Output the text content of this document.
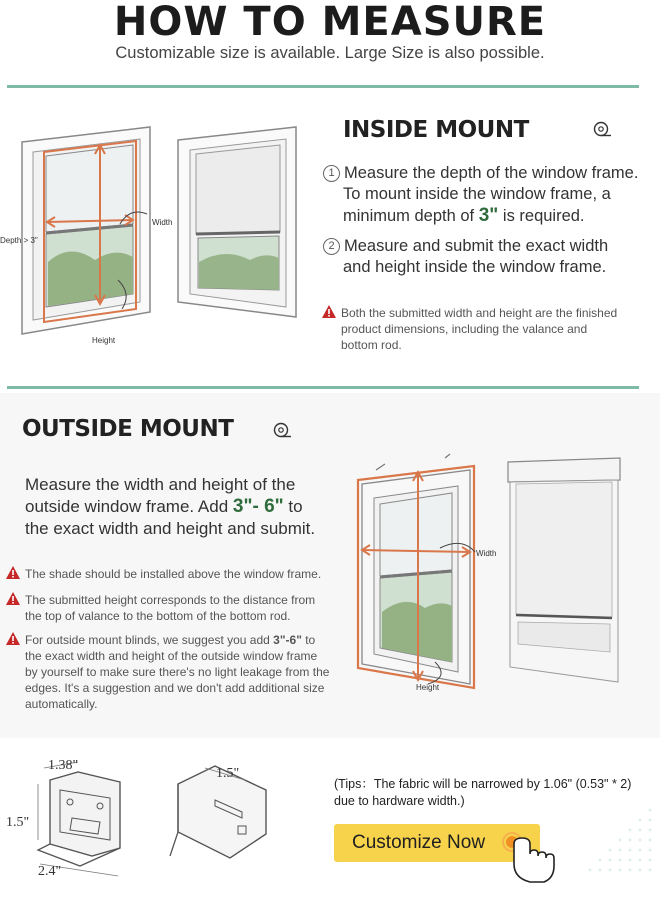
HOW TO MEASURE
Customizable size is available. Large Size is also possible.
Depth > 3"
Width
Height
INSIDE MOUNT
1 Measure the depth of the window frame.
To mount inside the window frame, a
minimum depth of 3" is required.
2 Measure and submit the exact width
and height inside the window frame.
Both the submitted width and height are the finished
product dimensions, including the valance and
bottom rod.
OUTSIDE MOUNT
Measure the width and height of the
outside window frame. Add 3"- 6" to
the exact width and height and submit.
The shade should be installed above the window frame.
The submitted height corresponds to the distance from
the top of valance to the bottom of the bottom rod.
For outside mount blinds, we suggest you add 3"-6" to
the exact width and height of the outside window frame
by yourself to make sure there's no light leakage from the
edges. It's a suggestion and we don't add additional size
automatically.
Width
Height
1.38"
1.5"
2.4"
1.5"
(Tips：The fabric will be narrowed by 1.06" (0.53" * 2)
due to hardware width.)
Customize Now
